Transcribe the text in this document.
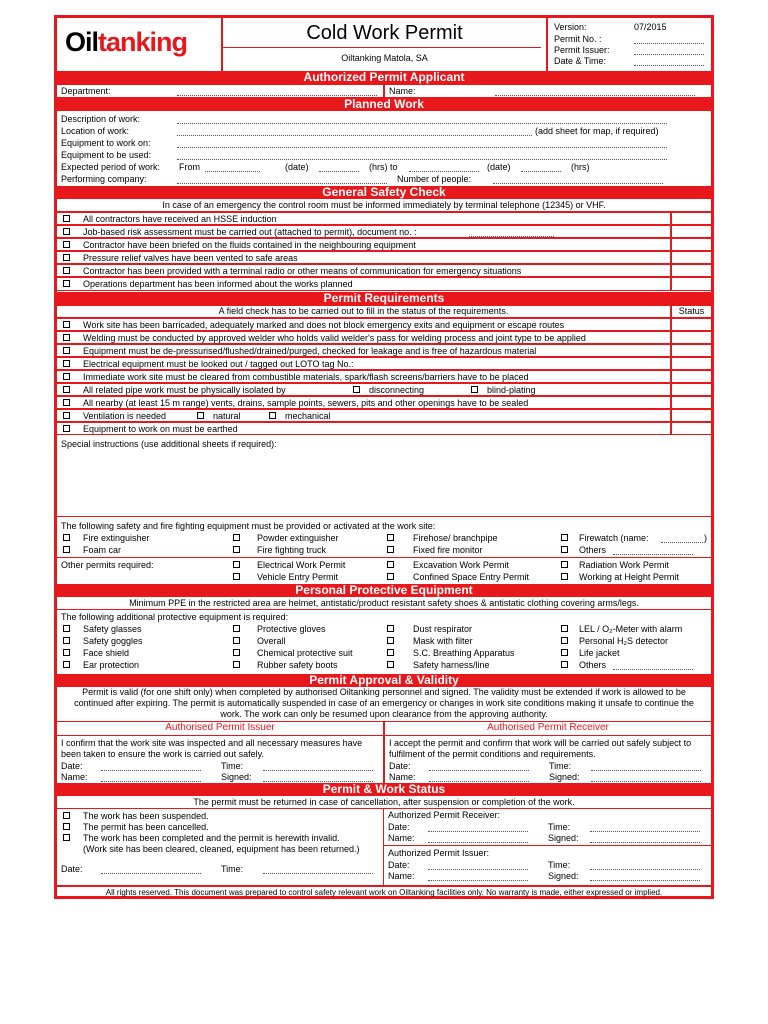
Oiltanking	Cold Work Permit
Oiltanking Matola, SA
Version:	07/2015
Permit No. :
Permit Issuer:
Date & Time:
Authorized Permit Applicant
Department:	Name:
Planned Work
Description of work:
Location of work:	(add sheet for map, if required)
Equipment to work on:
Equipment to be used:
Expected period of work: From	(date)	(hrs) to	(date)	(hrs)
Performing company:	Number of people:
General Safety Check
In case of an emergency the control room must be informed immediately by terminal telephone (12345) or VHF.
All contractors have received an HSSE induction
Job-based risk assessment must be carried out (attached to permit), document no. :
Contractor have been briefed on the fluids contained in the neighbouring equipment
Pressure relief valves have been vented to safe areas
Contractor has been provided with a terminal radio or other means of communication for emergency situations
Operations department has been informed about the works planned
Permit Requirements
A field check has to be carried out to fill in the status of the requirements.	Status
Work site has been barricaded, adequately marked and does not block emergency exits and equipment or escape routes
Welding must be conducted by approved welder who holds valid welder's pass for welding process and joint type to be applied
Equipment must be de-pressurised/flushed/drained/purged, checked for leakage and is free of hazardous material
Electrical equipment must be looked out / tagged out LOTO tag No.:
Immediate work site must be cleared from combustible materials, spark/flash screens/barriers have to be placed
All related pipe work must be physically isolated by	disconnecting	blind-plating
All nearby (at least 15 m range) vents, drains, sample points, sewers, pits and other openings have to be sealed
Ventilation is needed	natural	mechanical
Equipment to work on must be earthed
Special instructions (use additional sheets if required):
The following safety and fire fighting equipment must be provided or activated at the work site:
Fire extinguisher	Powder extinguisher	Firehose/ branchpipe	Firewatch (name:	)
Foam car	Fire fighting truck	Fixed fire monitor	Others
Other permits required:	Electrical Work Permit	Excavation Work Permit	Radiation Work Permit
Vehicle Entry Permit	Confined Space Entry Permit	Working at Height Permit
Personal Protective Equipment
Minimum PPE in the restricted area are helmet, antistatic/product resistant safety shoes & antistatic clothing covering arms/legs.
The following additional protective equipment is required:
Safety glasses	Protective gloves	Dust respirator	LEL / O₂-Meter with alarm
Safety goggles	Overall	Mask with filter	Personal H₂S detector
Face shield	Chemical protective suit	S.C. Breathing Apparatus	Life jacket
Ear protection	Rubber safety boots	Safety harness/line	Others
Permit Approval & Validity
Permit is valid (for one shift only) when completed by authorised Oiltanking personnel and signed. The validity must be extended if work is allowed to be continued after expiring. The permit is automatically suspended in case of an emergency or changes in work site conditions making it unsafe to continue the work. The work can only be resumed upon clearance from the approving authority.
Authorised Permit Issuer
I confirm that the work site was inspected and all necessary measures have been taken to ensure the work is carried out safely.
Date:	Time:
Name:	Signed:
Authorised Permit Receiver
I accept the permit and confirm that work will be carried out safely subject to fulfilment of the permit conditions and requirements.
Date:	Time:
Name:	Signed:
Permit & Work Status
The permit must be returned in case of cancellation, after suspension or completion of the work.
The work has been suspended.
The permit has been cancelled.
The work has been completed and the permit is herewith invalid.
(Work site has been cleared, cleaned, equipment has been returned.)
Date:	Time:
Authorized Permit Receiver:
Date:	Time:
Name:	Signed:
Authorized Permit Issuer:
Date:	Time:
Name:	Signed:
All rights reserved. This document was prepared to control safety relevant work on Oiltanking facilities only. No warranty is made, either expressed or implied.
